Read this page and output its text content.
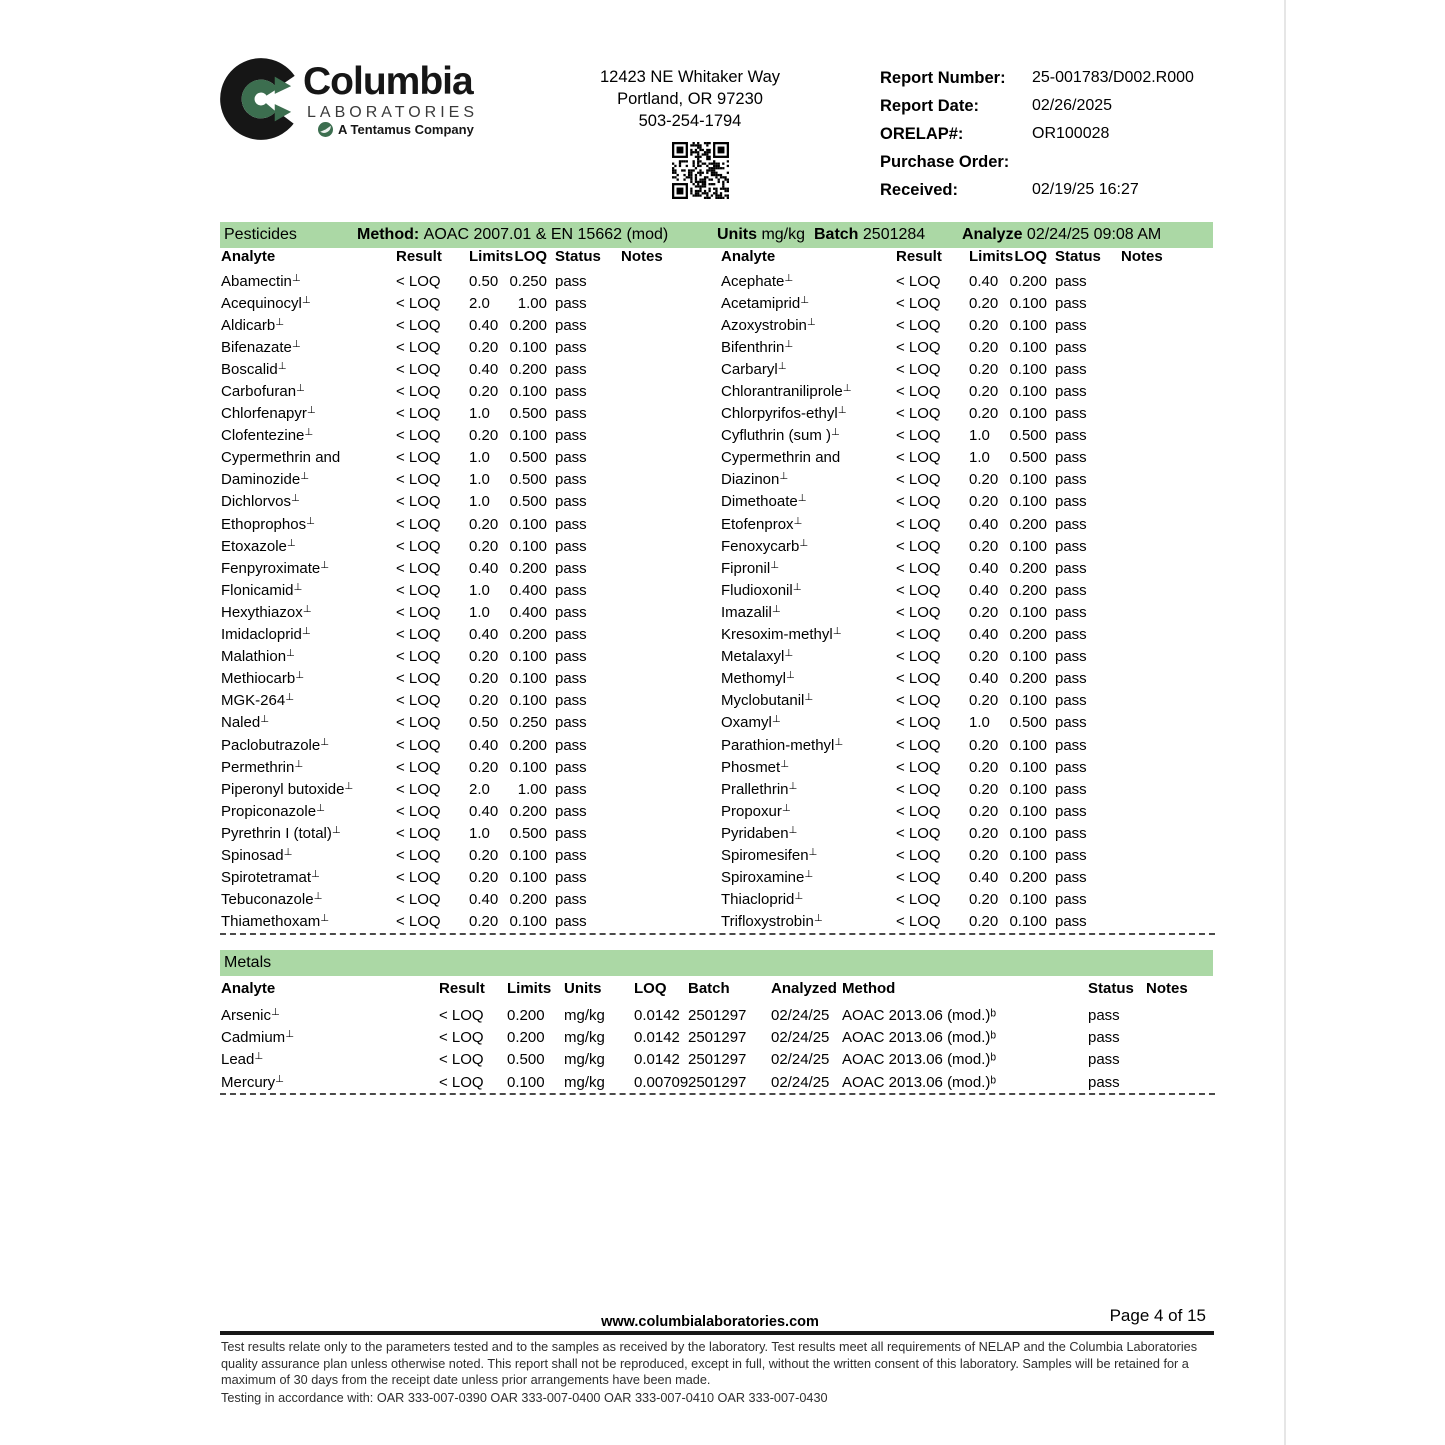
Columbia
LABORATORIES
A Tentamus Company
12423 NE Whitaker Way
Portland, OR 97230
503-254-1794
Report Number:	25-001783/D002.R000
Report Date:	02/26/2025
ORELAP#:	OR100028
Purchase Order:
Received:	02/19/25 16:27
Pesticides	Method: AOAC 2007.01 & EN 15662 (mod)	Units mg/kg Batch 2501284 Analyze 02/24/25 09:08 AM
Analyte	Result	Limits LOQ Status	Notes	Analyte	Result	Limits LOQ Status	Notes
Abamectin⊥	< LOQ	0.50 0.250 pass
Acequinocyl⊥	< LOQ	2.0	1.00 pass
Aldicarb⊥	< LOQ	0.40 0.200 pass
Bifenazate⊥	< LOQ	0.20 0.100 pass
Boscalid⊥	< LOQ	0.40 0.200 pass
Carbofuran⊥	< LOQ	0.20 0.100 pass
Chlorfenapyr⊥	< LOQ	1.0	0.500 pass
Clofentezine⊥	< LOQ	0.20 0.100 pass
Cypermethrin and	< LOQ	1.0	0.500 pass
Daminozide⊥	< LOQ	1.0	0.500 pass
Dichlorvos⊥	< LOQ	1.0	0.500 pass
Ethoprophos⊥	< LOQ	0.20 0.100 pass
Etoxazole⊥	< LOQ	0.20 0.100 pass
Fenpyroximate⊥	< LOQ	0.40 0.200 pass
Flonicamid⊥	< LOQ	1.0	0.400 pass
Hexythiazox⊥	< LOQ	1.0	0.400 pass
Imidacloprid⊥	< LOQ	0.40 0.200 pass
Malathion⊥	< LOQ	0.20 0.100 pass
Methiocarb⊥	< LOQ	0.20 0.100 pass
MGK-264⊥	< LOQ	0.20 0.100 pass
Naled⊥	< LOQ	0.50 0.250 pass
Paclobutrazole⊥	< LOQ	0.40 0.200 pass
Permethrin⊥	< LOQ	0.20 0.100 pass
Piperonyl butoxide⊥	< LOQ	2.0	1.00 pass
Propiconazole⊥	< LOQ	0.40 0.200 pass
Pyrethrin I (total)⊥	< LOQ	1.0	0.500 pass
Spinosad⊥	< LOQ	0.20 0.100 pass
Spirotetramat⊥	< LOQ	0.20 0.100 pass
Tebuconazole⊥	< LOQ	0.40 0.200 pass
Thiamethoxam⊥	< LOQ	0.20 0.100 pass
Acephate⊥	< LOQ	0.40 0.200 pass
Acetamiprid⊥	< LOQ	0.20 0.100 pass
Azoxystrobin⊥	< LOQ	0.20 0.100 pass
Bifenthrin⊥	< LOQ	0.20 0.100 pass
Carbaryl⊥	< LOQ	0.20 0.100 pass
Chlorantraniliprole⊥	< LOQ	0.20 0.100 pass
Chlorpyrifos-ethyl⊥	< LOQ	0.20 0.100 pass
Cyfluthrin (sum )⊥	< LOQ	1.0	0.500 pass
Cypermethrin and	< LOQ	1.0	0.500 pass
Diazinon⊥	< LOQ	0.20 0.100 pass
Dimethoate⊥	< LOQ	0.20 0.100 pass
Etofenprox⊥	< LOQ	0.40 0.200 pass
Fenoxycarb⊥	< LOQ	0.20 0.100 pass
Fipronil⊥	< LOQ	0.40 0.200 pass
Fludioxonil⊥	< LOQ	0.40 0.200 pass
Imazalil⊥	< LOQ	0.20 0.100 pass
Kresoxim-methyl⊥	< LOQ	0.40 0.200 pass
Metalaxyl⊥	< LOQ	0.20 0.100 pass
Methomyl⊥	< LOQ	0.40 0.200 pass
Myclobutanil⊥	< LOQ	0.20 0.100 pass
Oxamyl⊥	< LOQ	1.0	0.500 pass
Parathion-methyl⊥	< LOQ	0.20 0.100 pass
Phosmet⊥	< LOQ	0.20 0.100 pass
Prallethrin⊥	< LOQ	0.20 0.100 pass
Propoxur⊥	< LOQ	0.20 0.100 pass
Pyridaben⊥	< LOQ	0.20 0.100 pass
Spiromesifen⊥	< LOQ	0.20 0.100 pass
Spiroxamine⊥	< LOQ	0.40 0.200 pass
Thiacloprid⊥	< LOQ	0.20 0.100 pass
Trifloxystrobin⊥	< LOQ	0.20 0.100 pass
Metals
Analyte	Result	Limits Units	LOQ	Batch	Analyzed Method	Status Notes
Arsenic⊥	< LOQ	0.200	mg/kg	0.0142 2501297	02/24/25 AOAC 2013.06 (mod.)ᵇ	pass
Cadmium⊥	< LOQ	0.200	mg/kg	0.0142 2501297	02/24/25 AOAC 2013.06 (mod.)ᵇ	pass
Lead⊥	< LOQ	0.500	mg/kg	0.0142 2501297	02/24/25 AOAC 2013.06 (mod.)ᵇ	pass
Mercury⊥	< LOQ	0.100	mg/kg	0.00709 2501297	02/24/25 AOAC 2013.06 (mod.)ᵇ	pass
Page 4 of 15
www.columbialaboratories.com
Test results relate only to the parameters tested and to the samples as received by the laboratory. Test results meet all requirements of NELAP and the Columbia Laboratories quality assurance plan unless otherwise noted. This report shall not be reproduced, except in full, without the written consent of this laboratory. Samples will be retained for a maximum of 30 days from the receipt date unless prior arrangements have been made.
Testing in accordance with: OAR 333-007-0390 OAR 333-007-0400 OAR 333-007-0410 OAR 333-007-0430
